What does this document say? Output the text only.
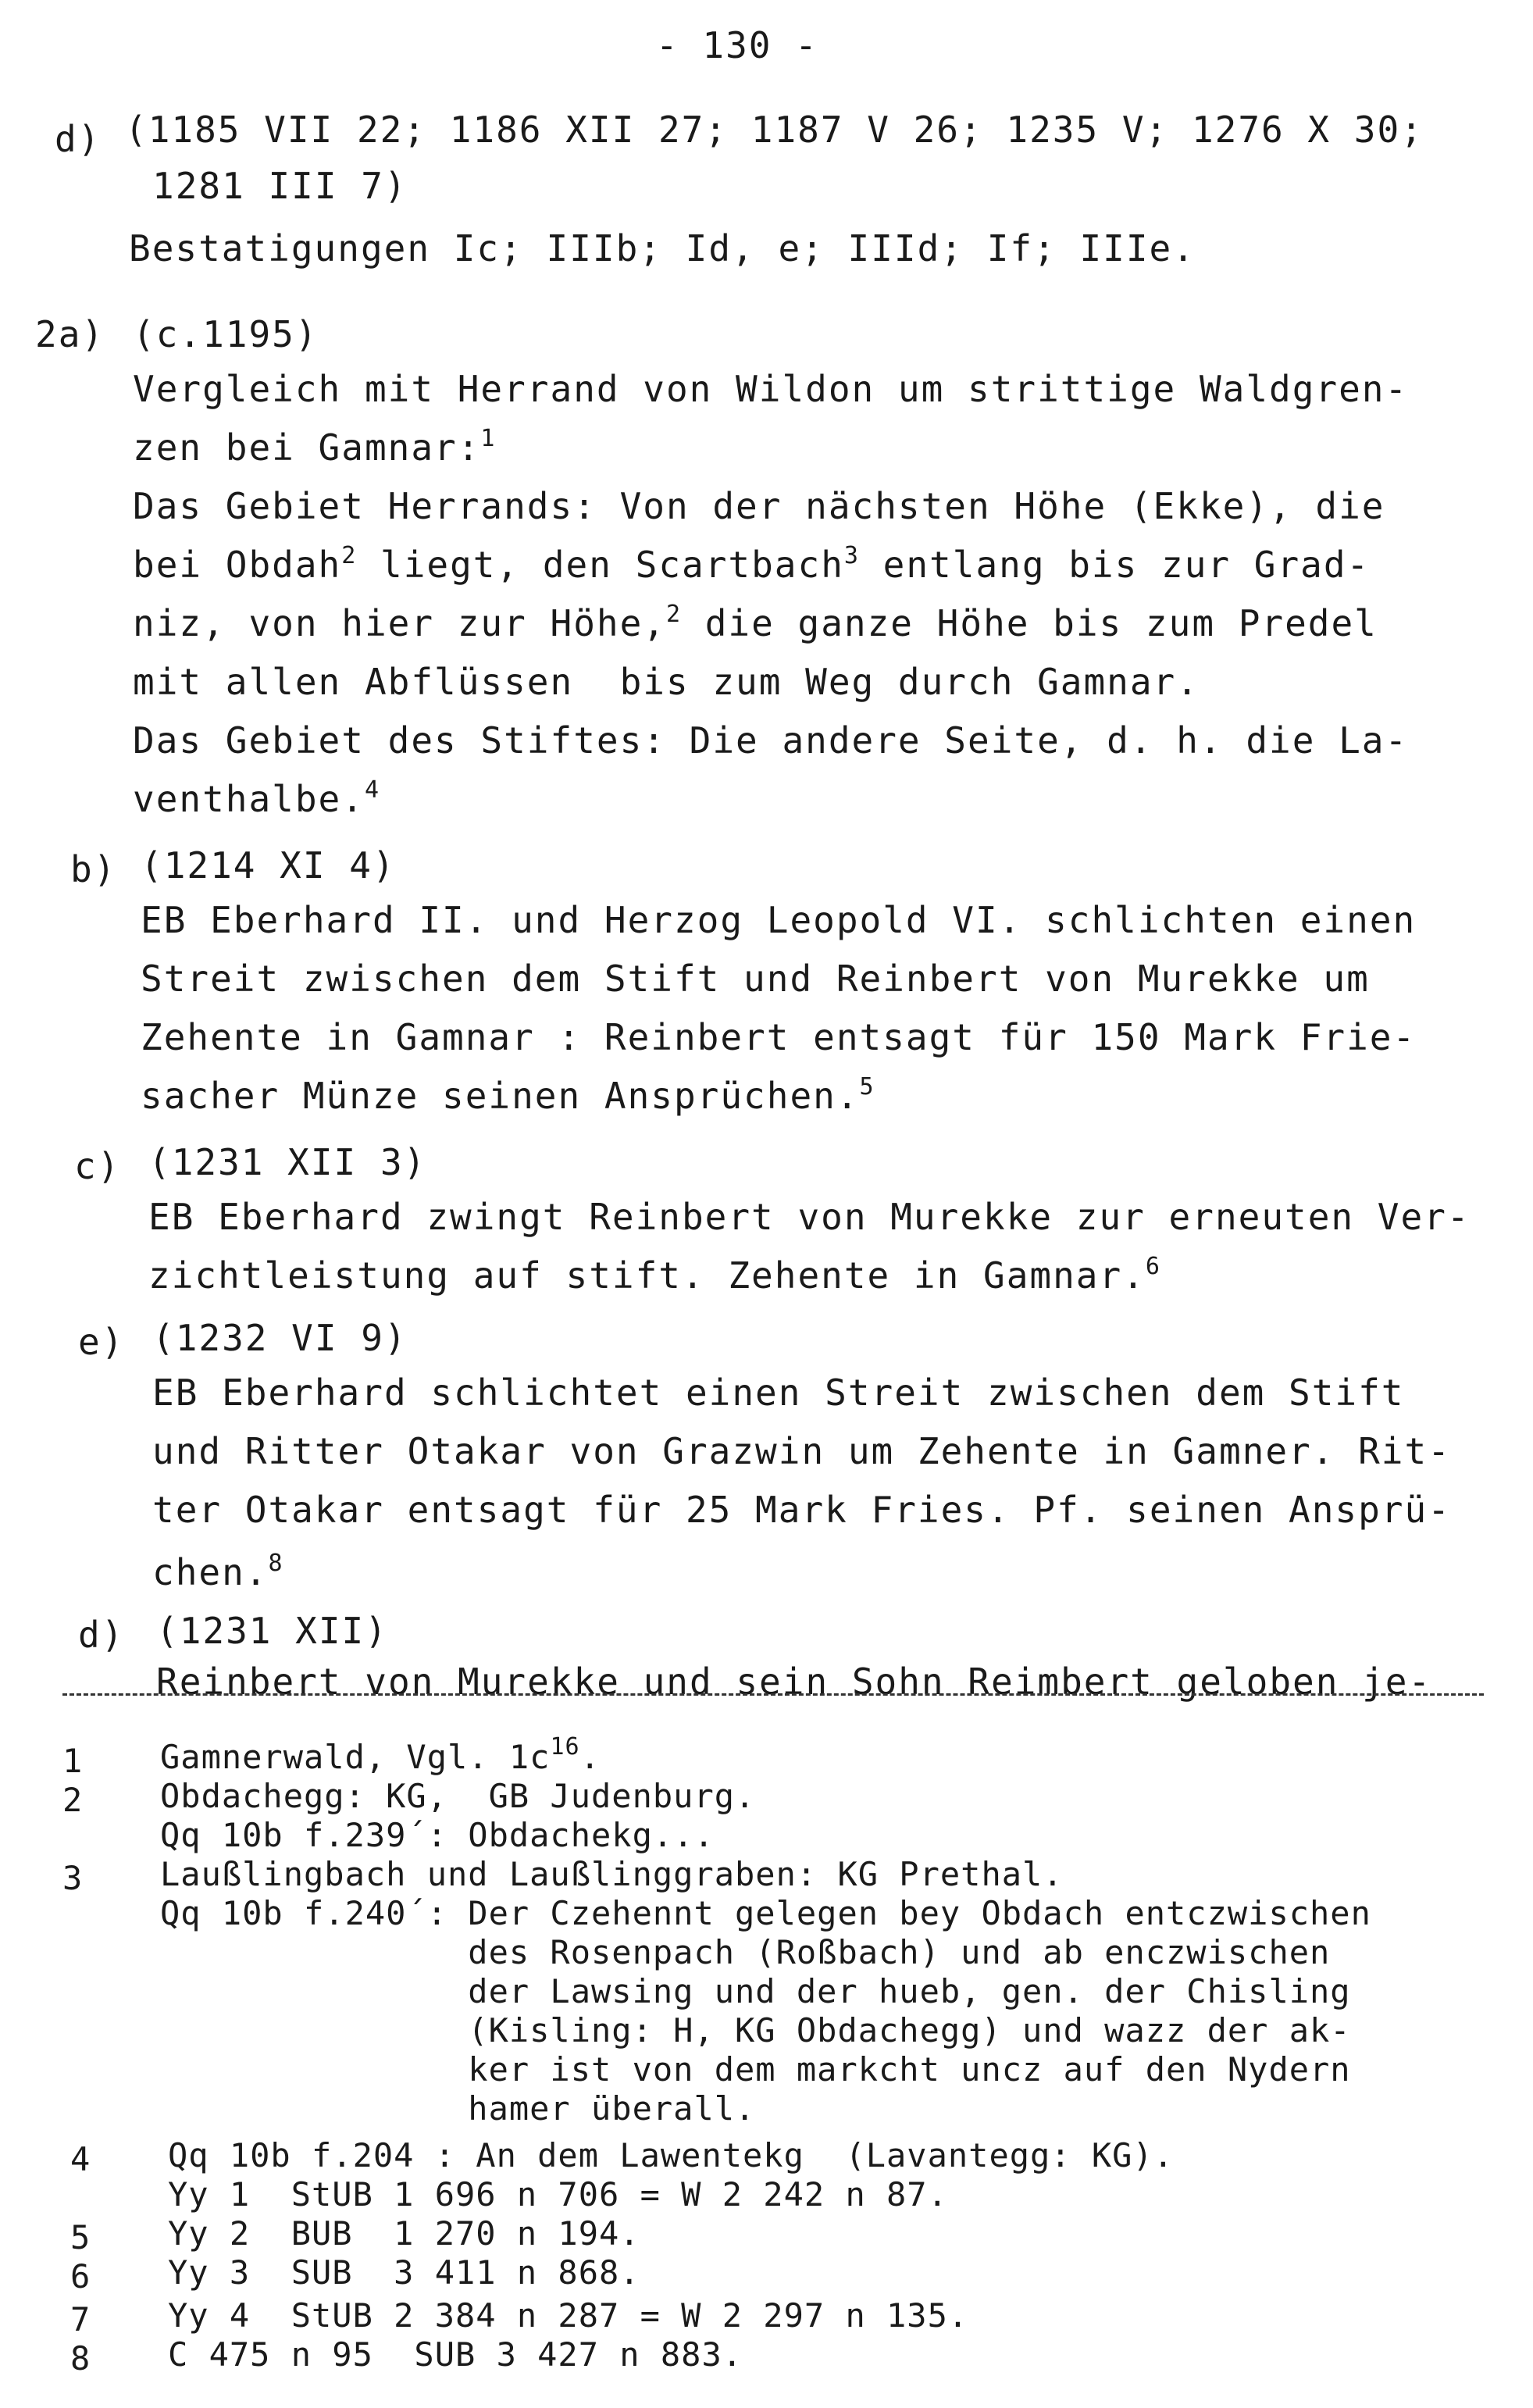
- 130 -
d) (1185 VII 22; 1186 XII 27; 1187 V 26; 1235 V; 1276 X 30;
1281 III 7)
Bestatigungen Ic; IIIb; Id, e; IIId; If; IIIe.
2a) (c.1195)
Vergleich mit Herrand von Wildon um strittige Waldgren-
zen bei Gamnar:$^1$
Das Gebiet Herrands: Von der nächsten Höhe (Ekke), die
bei Obdah$^2$ liegt, den Scartbach$^3$ entlang bis zur Grad-
niz, von hier zur Höhe,$^2$ die ganze Höhe bis zum Predel
mit allen Abflüssen  bis zum Weg durch Gamnar.
Das Gebiet des Stiftes: Die andere Seite, d. h. die La-
venthalbe.$^4$
b) (1214 XI 4)
EB Eberhard II. und Herzog Leopold VI. schlichten einen
Streit zwischen dem Stift und Reinbert von Murekke um
Zehente in Gamnar : Reinbert entsagt für 150 Mark Frie-
sacher Münze seinen Ansprüchen.$^5$
c) (1231 XII 3)
EB Eberhard zwingt Reinbert von Murekke zur erneuten Ver-
zichtleistung auf stift. Zehente in Gamnar.$^6$
e) (1232 VI 9)
EB Eberhard schlichtet einen Streit zwischen dem Stift
und Ritter Otakar von Grazwin um Zehente in Gamner. Rit-
ter Otakar entsagt für 25 Mark Fries. Pf. seinen Ansprü-
chen.$^8$
d) (1231 XII)
Reinbert von Murekke und sein Sohn Reimbert geloben je-
1 Gamnerwald, Vgl. $1c^{16}$.
2 Obdachegg: KG,  GB Judenburg.
Qq 10b f.239´: Obdachekg...
3 Laußlingbach und Laußlinggraben: KG Prethal.
Qq 10b f.240´: Der Czehennt gelegen bey Obdach entczwischen
des Rosenpach (Roßbach) und ab enczwischen
der Lawsing und der hueb, gen. der Chisling
(Kisling: H, KG Obdachegg) und wazz der ak-
ker ist von dem markcht uncz auf den Nydern
hamer überall.
4 Qq 10b f.204 : An dem Lawentekg  (Lavantegg: KG).
Yy 1  StUB 1 696 n 706 = W 2 242 n 87.
5 Yy 2  BUB  1 270 n 194.
6 Yy 3  SUB  3 411 n 868.
7 Yy 4  StUB 2 384 n 287 = W 2 297 n 135.
8 C 475 n 95  SUB 3 427 n 883.
